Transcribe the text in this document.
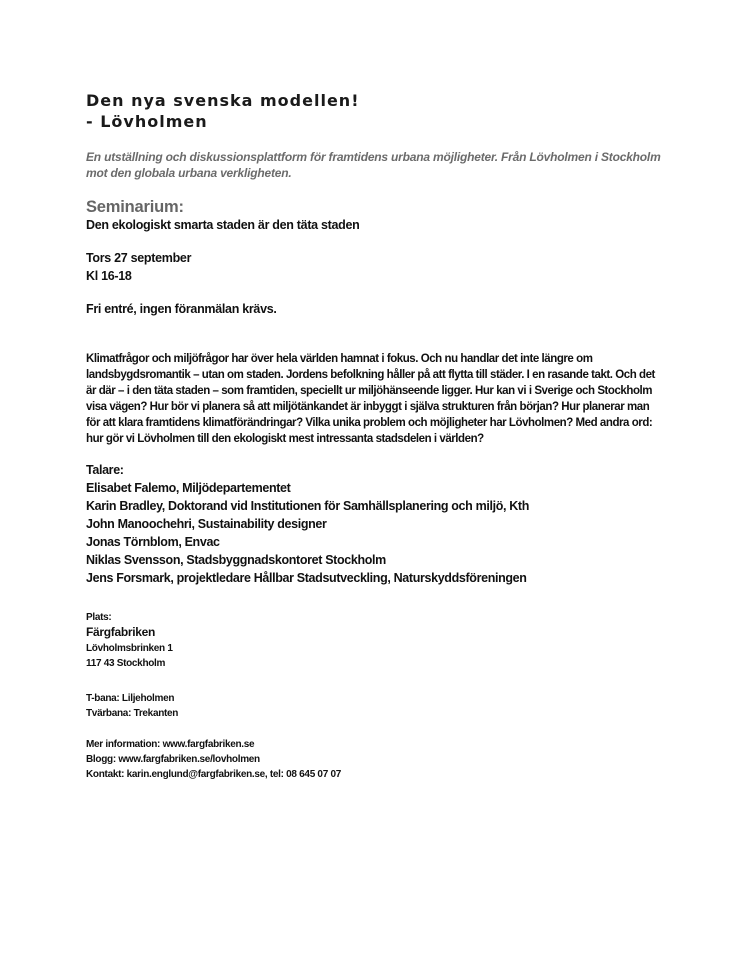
Den nya svenska modellen!
- Lövholmen

En utställning och diskussionsplattform för framtidens urbana möjligheter. Från Lövholmen i Stockholm mot den globala urbana verkligheten.

Seminarium:

Den ekologiskt smarta staden är den täta staden

Tors 27 september
Kl 16-18

Fri entré, ingen föranmälan krävs.

Klimatfrågor och miljöfrågor har över hela världen hamnat i fokus. Och nu handlar det inte längre om landsbygdsromantik – utan om staden. Jordens befolkning håller på att flytta till städer. I en rasande takt. Och det är där – i den täta staden – som framtiden, speciellt ur miljöhänseende ligger. Hur kan vi i Sverige och Stockholm visa vägen? Hur bör vi planera så att miljötänkandet är inbyggt i själva strukturen från början? Hur planerar man för att klara framtidens klimatförändringar? Vilka unika problem och möjligheter har Lövholmen? Med andra ord: hur gör vi Lövholmen till den ekologiskt mest intressanta stadsdelen i världen?

Talare:
Elisabet Falemo, Miljödepartementet
Karin Bradley, Doktorand vid Institutionen för Samhällsplanering och miljö, Kth
John Manoochehri, Sustainability designer
Jonas Törnblom, Envac
Niklas Svensson, Stadsbyggnadskontoret Stockholm
Jens Forsmark, projektledare Hållbar Stadsutveckling, Naturskyddsföreningen
Plats:
Färgfabriken
Lövholmsbrinken 1
117 43 Stockholm
T-bana: Liljeholmen
Tvärbana: Trekanten
Mer information: www.fargfabriken.se
Blogg: www.fargfabriken.se/lovholmen
Kontakt: karin.englund@fargfabriken.se, tel: 08 645 07 07
